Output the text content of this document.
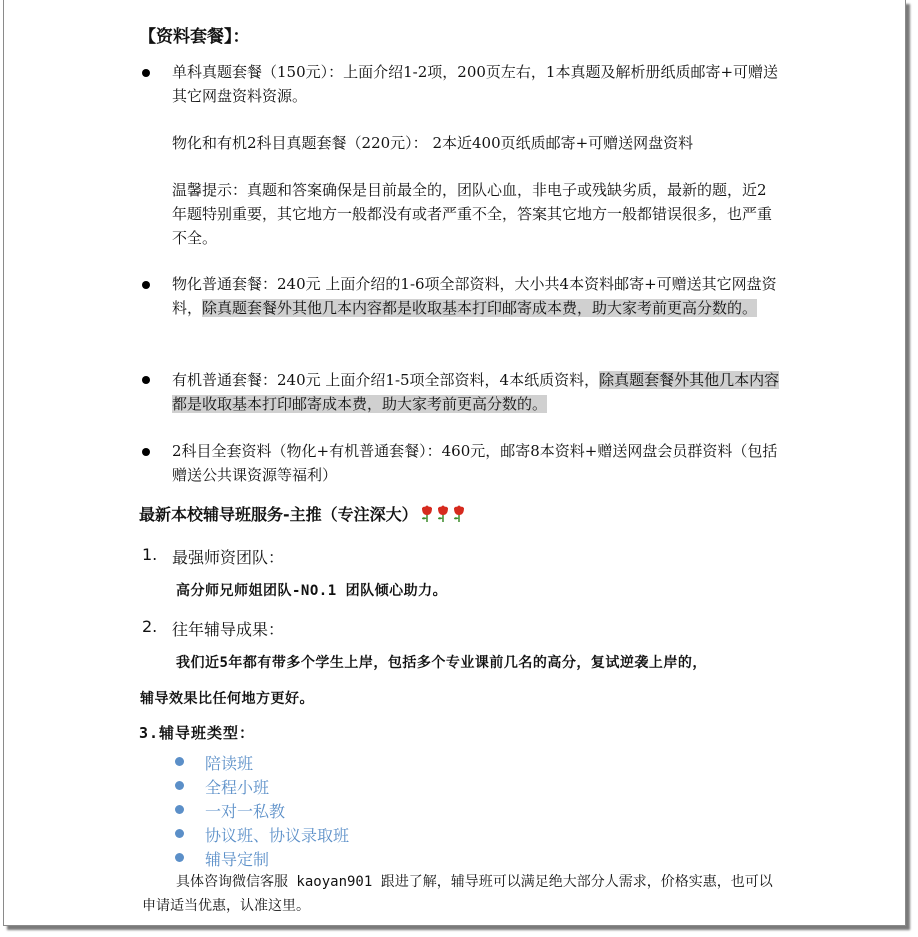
【资料套餐】：
单科真题套餐（150元）：上面介绍1-2项，200页左右，1本真题及解析册纸质邮寄+可赠送其它网盘资料资源。
物化和有机2科目真题套餐（220元）： 2本近400页纸质邮寄+可赠送网盘资料
温馨提示：真题和答案确保是目前最全的，团队心血，非电子或残缺劣质，最新的题，近2年题特别重要，其它地方一般都没有或者严重不全，答案其它地方一般都错误很多，也严重不全。
物化普通套餐：240元 上面介绍的1-6项全部资料，大小共4本资料邮寄+可赠送其它网盘资料，除真题套餐外其他几本内容都是收取基本打印邮寄成本费，助大家考前更高分数的。
有机普通套餐：240元 上面介绍1-5项全部资料，4本纸质资料，除真题套餐外其他几本内容都是收取基本打印邮寄成本费，助大家考前更高分数的。
2科目全套资料（物化+有机普通套餐）：460元，邮寄8本资料+赠送网盘会员群资料（包括赠送公共课资源等福利）
最新本校辅导班服务-主推（专注深大）
1. 最强师资团队：
高分师兄师姐团队-NO.1 团队倾心助力。
2. 往年辅导成果：
我们近5年都有带多个学生上岸，包括多个专业课前几名的高分，复试逆袭上岸的，
辅导效果比任何地方更好。
3.辅导班类型：
陪读班
全程小班
一对一私教
协议班、协议录取班
辅导定制
具体咨询微信客服 kaoyan901 跟进了解，辅导班可以满足绝大部分人需求，价格实惠，也可以申请适当优惠，认准这里。
